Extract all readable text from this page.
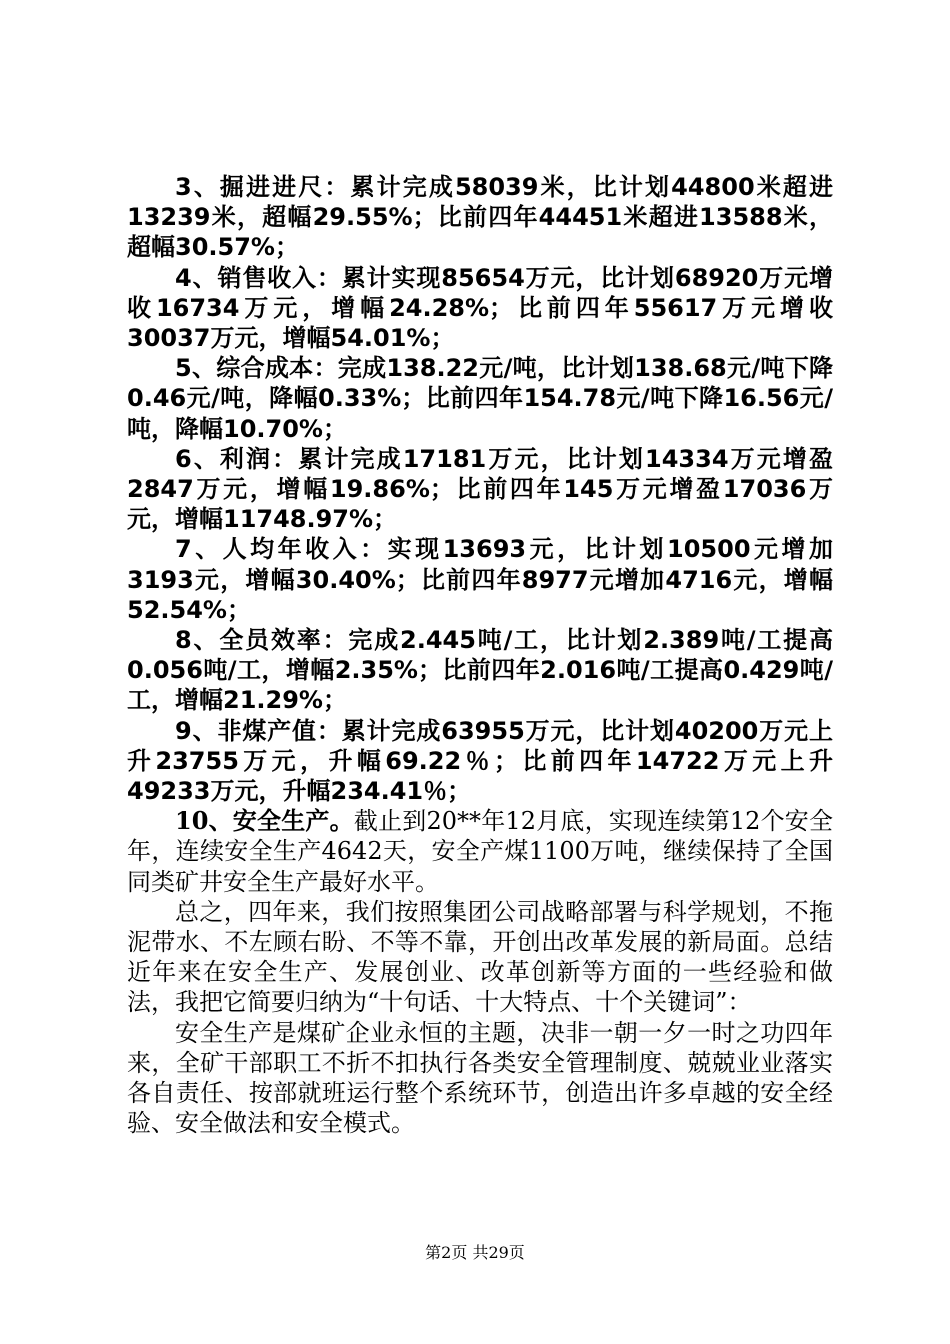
3、掘进进尺：累计完成58039米，比计划44800米超进13239米，超幅29.55%；比前四年44451米超进13588米，超幅30.57%；

4、销售收入：累计实现85654万元，比计划68920万元增收16734万元，增幅24.28%；比前四年55617万元增收30037万元，增幅54.01%；

5、综合成本：完成138.22元/吨，比计划138.68元/吨下降0.46元/吨，降幅0.33%；比前四年154.78元/吨下降16.56元/吨，降幅10.70%；

6、利润：累计完成17181万元，比计划14334万元增盈2847万元，增幅19.86%；比前四年145万元增盈17036万元，增幅11748.97%；

7、人均年收入：实现13693元，比计划10500元增加3193元，增幅30.40%；比前四年8977元增加4716元，增幅52.54%；

8、全员效率：完成2.445吨/工，比计划2.389吨/工提高0.056吨/工，增幅2.35%；比前四年2.016吨/工提高0.429吨/工，增幅21.29%；

9、非煤产值：累计完成63955万元，比计划40200万元上升23755万元，升幅69.22％；比前四年14722万元上升49233万元，升幅234.41％；

10、安全生产。截止到20**年12月底，实现连续第12个安全年，连续安全生产4642天，安全产煤1100万吨，继续保持了全国同类矿井安全生产最好水平。

总之，四年来，我们按照集团公司战略部署与科学规划，不拖泥带水、不左顾右盼、不等不靠，开创出改革发展的新局面。总结近年来在安全生产、发展创业、改革创新等方面的一些经验和做法，我把它简要归纳为“十句话、十大特点、十个关键词”：

安全生产是煤矿企业永恒的主题，决非一朝一夕一时之功四年来，全矿干部职工不折不扣执行各类安全管理制度、兢兢业业落实各自责任、按部就班运行整个系统环节，创造出许多卓越的安全经验、安全做法和安全模式。

第2页 共29页
